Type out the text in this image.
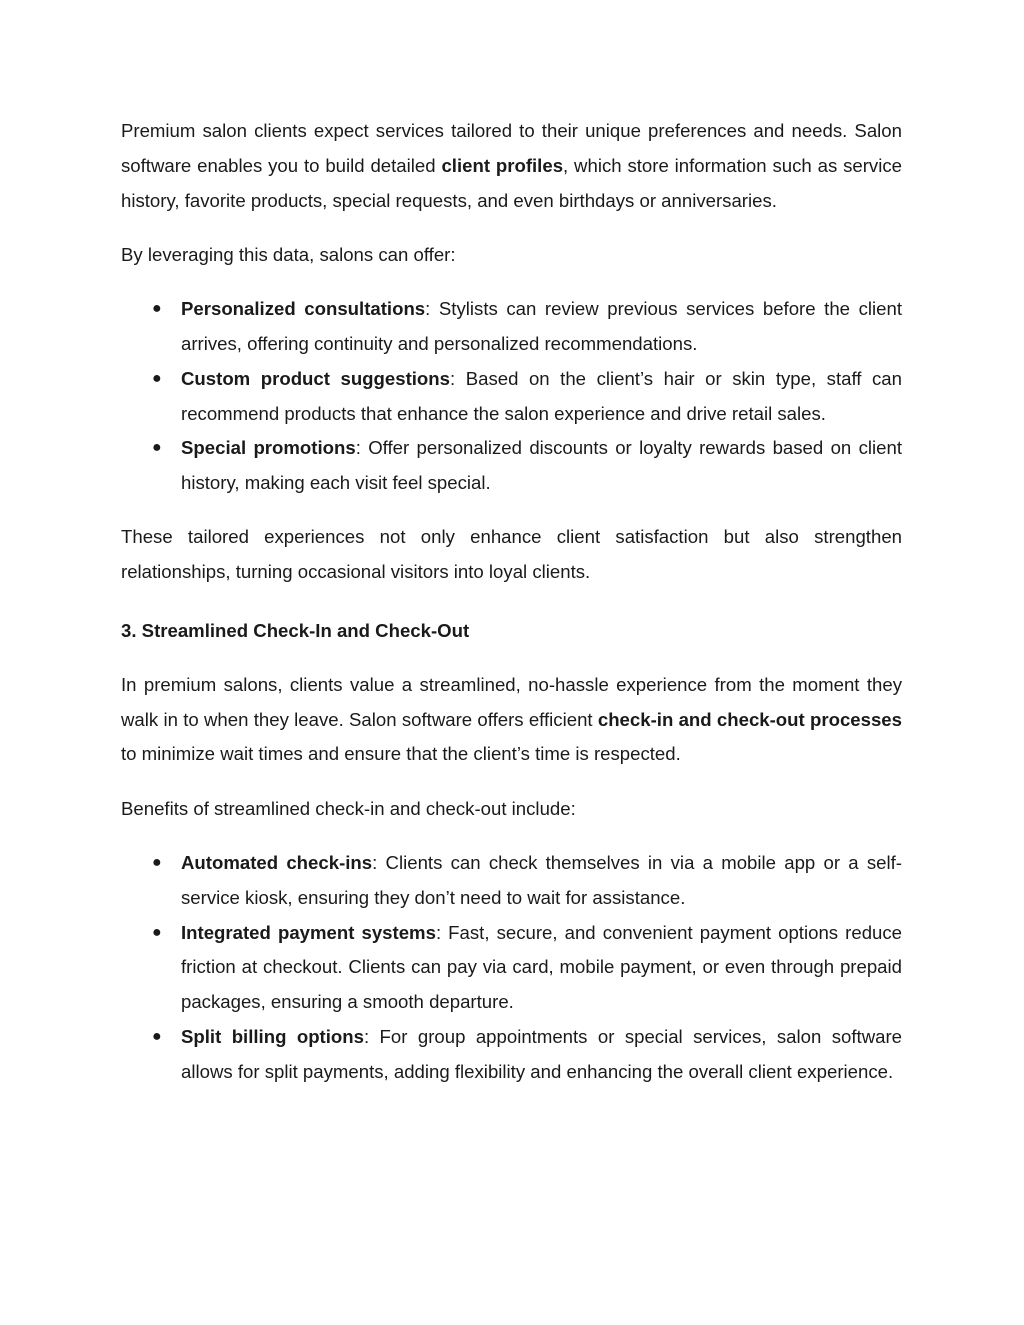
Premium salon clients expect services tailored to their unique preferences and needs. Salon software enables you to build detailed client profiles, which store information such as service history, favorite products, special requests, and even birthdays or anniversaries.

By leveraging this data, salons can offer:

● Personalized consultations: Stylists can review previous services before the client arrives, offering continuity and personalized recommendations.
● Custom product suggestions: Based on the client’s hair or skin type, staff can recommend products that enhance the salon experience and drive retail sales.
● Special promotions: Offer personalized discounts or loyalty rewards based on client history, making each visit feel special.

These tailored experiences not only enhance client satisfaction but also strengthen relationships, turning occasional visitors into loyal clients.

3. Streamlined Check-In and Check-Out

In premium salons, clients value a streamlined, no-hassle experience from the moment they walk in to when they leave. Salon software offers efficient check-in and check-out processes to minimize wait times and ensure that the client’s time is respected.

Benefits of streamlined check-in and check-out include:

● Automated check-ins: Clients can check themselves in via a mobile app or a self-service kiosk, ensuring they don’t need to wait for assistance.
● Integrated payment systems: Fast, secure, and convenient payment options reduce friction at checkout. Clients can pay via card, mobile payment, or even through prepaid packages, ensuring a smooth departure.
● Split billing options: For group appointments or special services, salon software allows for split payments, adding flexibility and enhancing the overall client experience.
